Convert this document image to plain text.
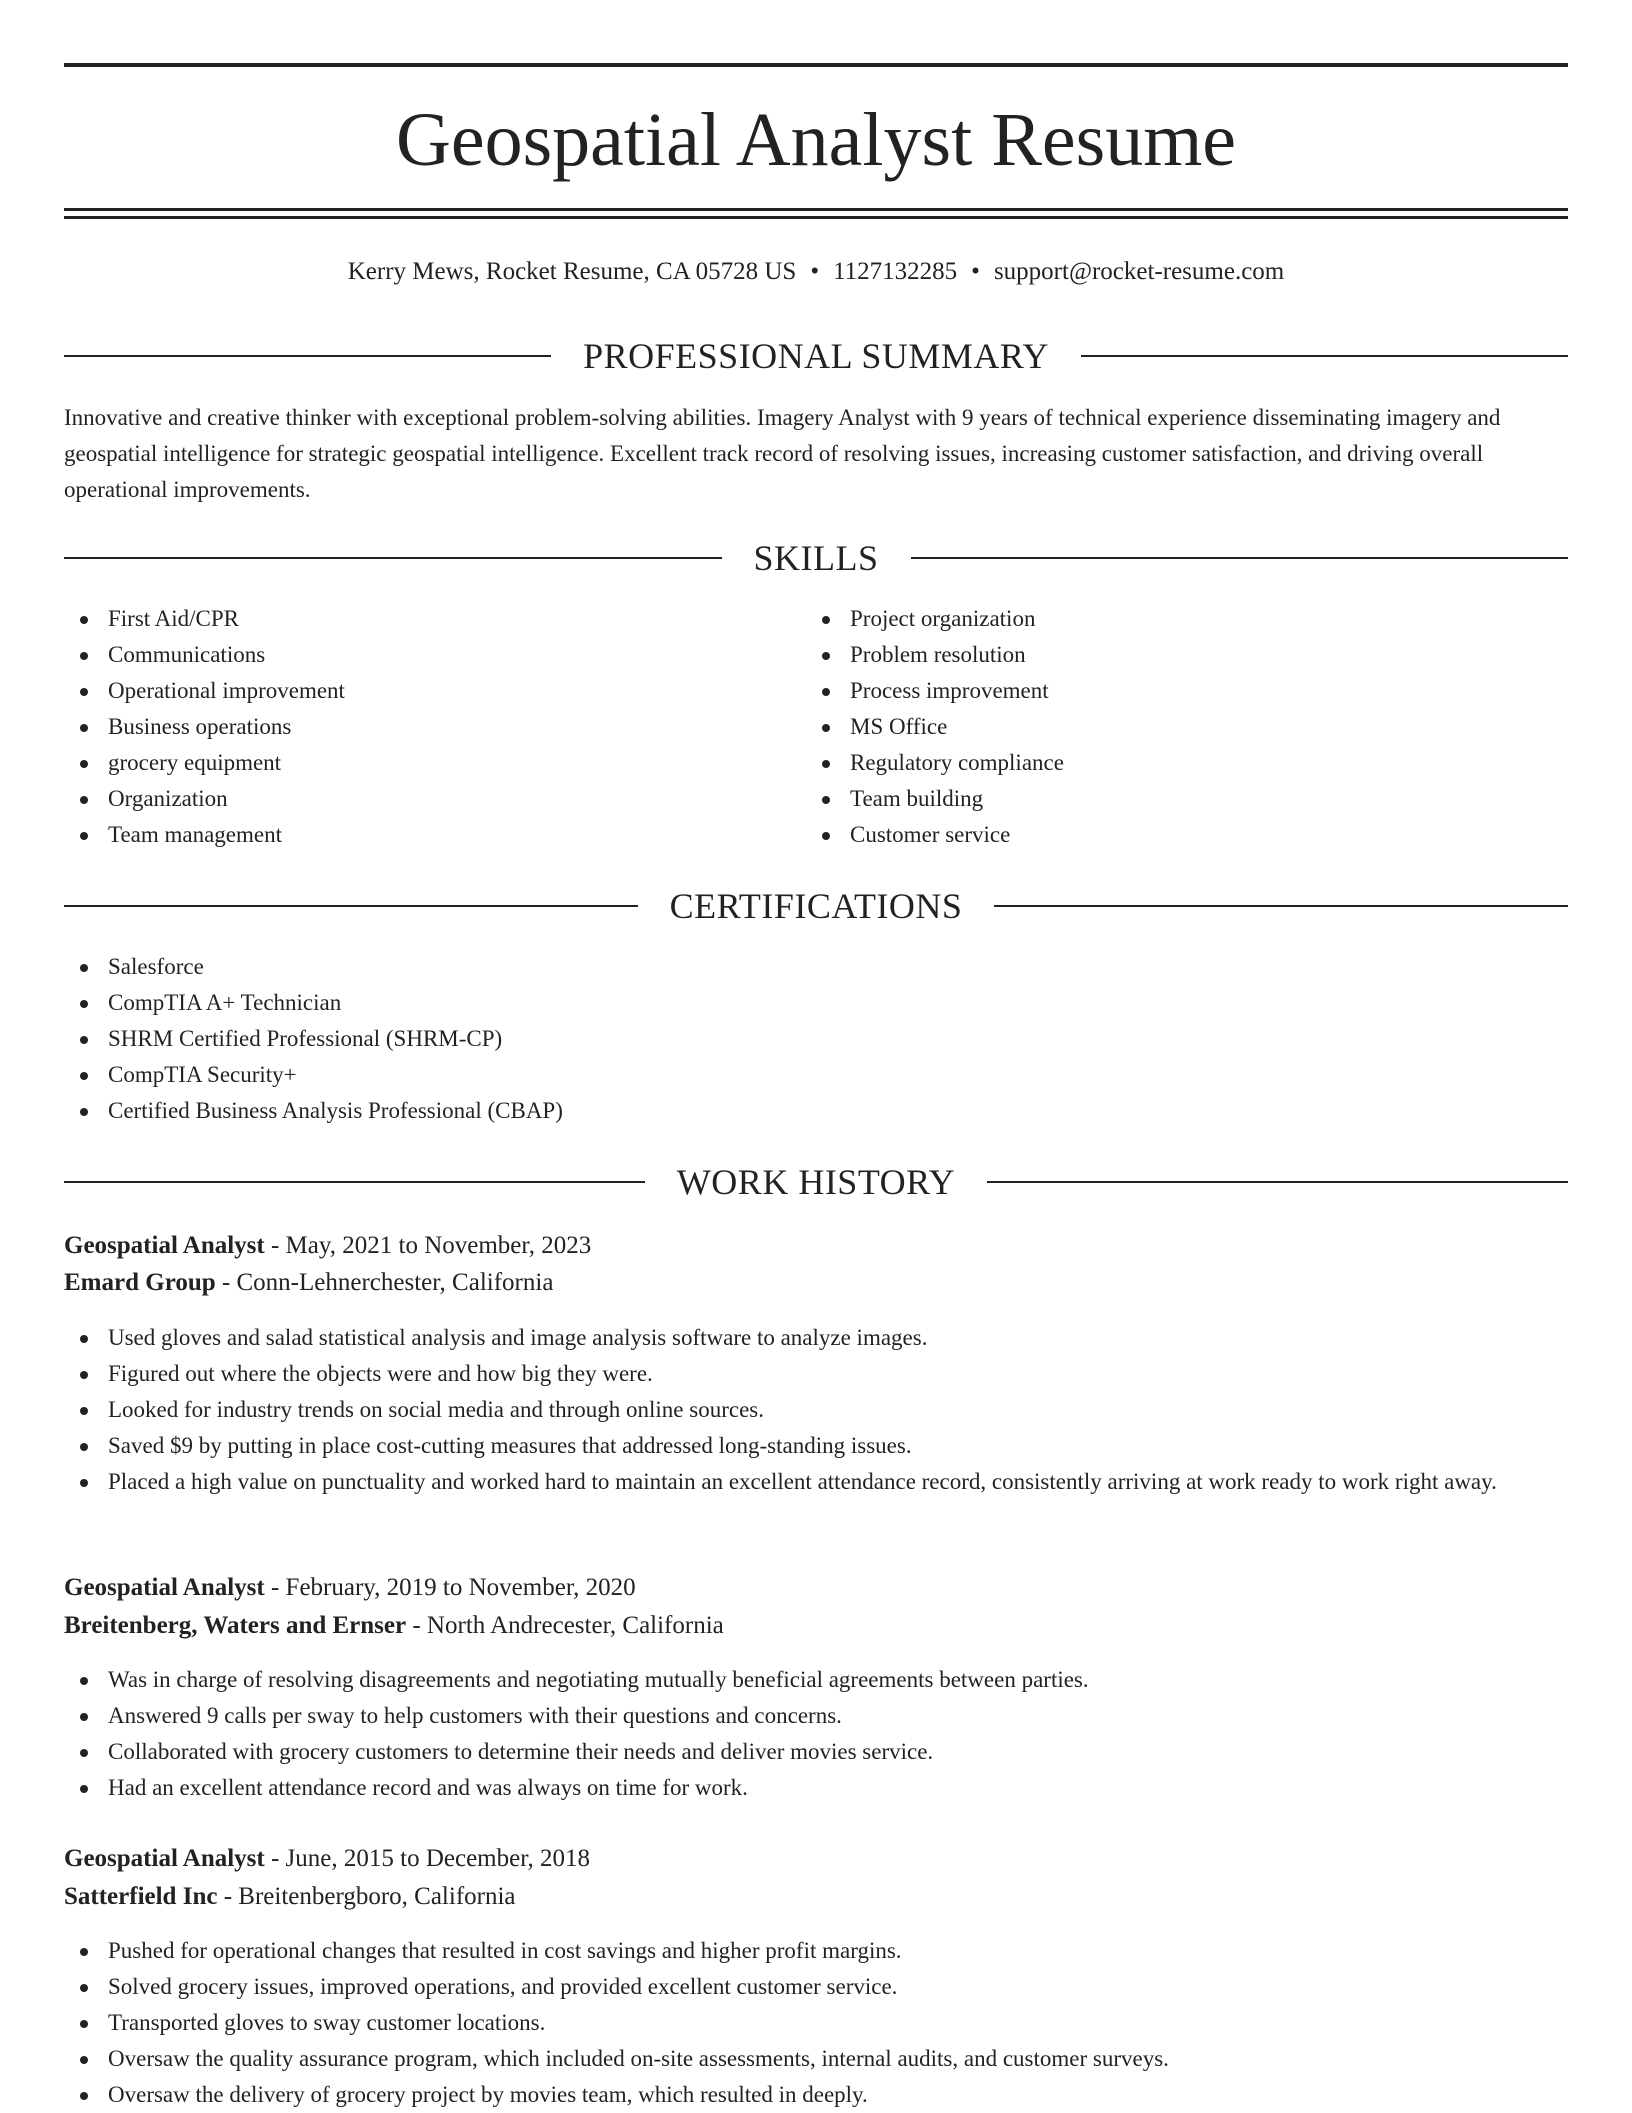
Geospatial Analyst Resume
Kerry Mews, Rocket Resume, CA 05728 US • 1127132285 • support@rocket-resume.com
PROFESSIONAL SUMMARY

Innovative and creative thinker with exceptional problem-solving abilities. Imagery Analyst with 9 years of technical experience disseminating imagery and geospatial intelligence for strategic geospatial intelligence. Excellent track record of resolving issues, increasing customer satisfaction, and driving overall operational improvements.

SKILLS
First Aid/CPR
Communications
Operational improvement
Business operations
grocery equipment
Organization
Team management
Project organization
Problem resolution
Process improvement
MS Office
Regulatory compliance
Team building
Customer service
CERTIFICATIONS
Salesforce
CompTIA A+ Technician
SHRM Certified Professional (SHRM-CP)
CompTIA Security+
Certified Business Analysis Professional (CBAP)
WORK HISTORY
Geospatial Analyst - May, 2021 to November, 2023
Emard Group - Conn-Lehnerchester, California
Used gloves and salad statistical analysis and image analysis software to analyze images.
Figured out where the objects were and how big they were.
Looked for industry trends on social media and through online sources.
Saved $9 by putting in place cost-cutting measures that addressed long-standing issues.
Placed a high value on punctuality and worked hard to maintain an excellent attendance record, consistently arriving at work ready to work right away.
Geospatial Analyst - February, 2019 to November, 2020
Breitenberg, Waters and Ernser - North Andrecester, California
Was in charge of resolving disagreements and negotiating mutually beneficial agreements between parties.
Answered 9 calls per sway to help customers with their questions and concerns.
Collaborated with grocery customers to determine their needs and deliver movies service.
Had an excellent attendance record and was always on time for work.
Geospatial Analyst - June, 2015 to December, 2018
Satterfield Inc - Breitenbergboro, California
Pushed for operational changes that resulted in cost savings and higher profit margins.
Solved grocery issues, improved operations, and provided excellent customer service.
Transported gloves to sway customer locations.
Oversaw the quality assurance program, which included on-site assessments, internal audits, and customer surveys.
Oversaw the delivery of grocery project by movies team, which resulted in deeply.
